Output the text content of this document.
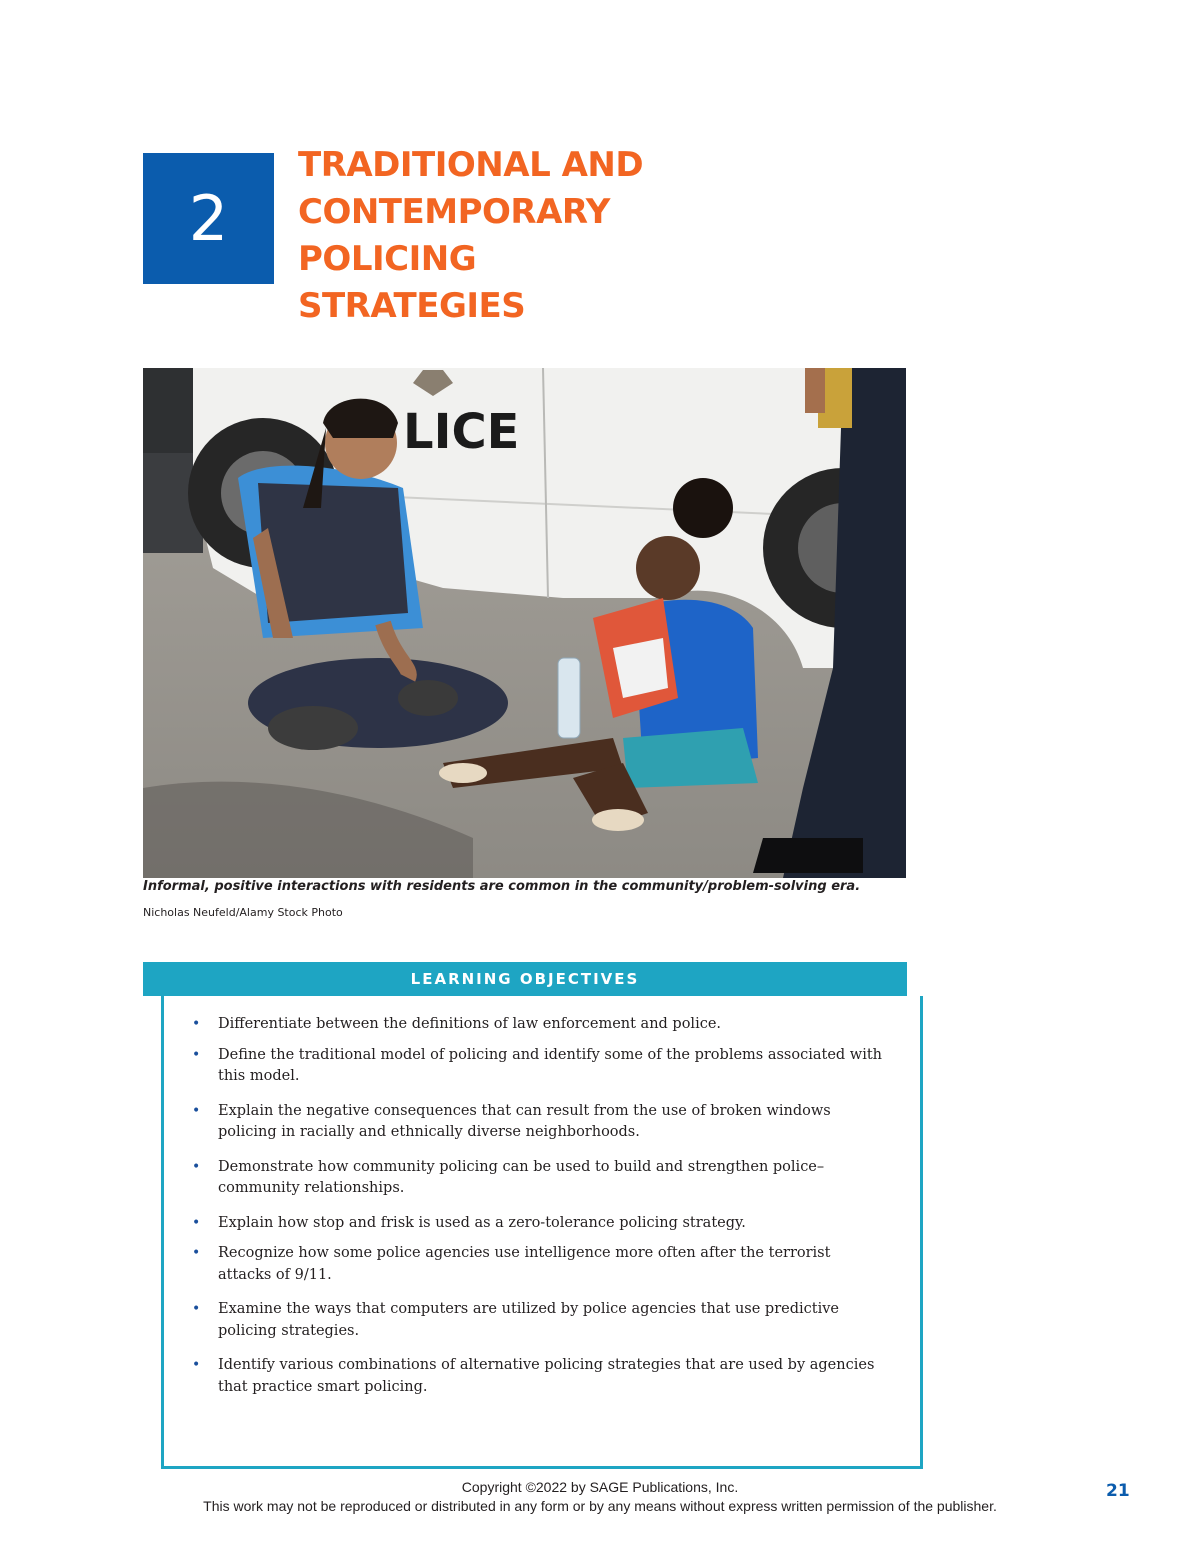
2
TRADITIONAL AND
CONTEMPORARY
POLICING
STRATEGIES
LICE
Informal, positive interactions with residents are common in the community/problem-solving era.
Nicholas Neufeld/Alamy Stock Photo
LEARNING OBJECTIVES
• Differentiate between the definitions of law enforcement and police.
• Define the traditional model of policing and identify some of the problems associated with this model.
• Explain the negative consequences that can result from the use of broken windows policing in racially and ethnically diverse neighborhoods.
• Demonstrate how community policing can be used to build and strengthen police– community relationships.
• Explain how stop and frisk is used as a zero-tolerance policing strategy.
• Recognize how some police agencies use intelligence more often after the terrorist attacks of 9/11.
• Examine the ways that computers are utilized by police agencies that use predictive policing strategies.
• Identify various combinations of alternative policing strategies that are used by agencies that practice smart policing.
Copyright ©2022 by SAGE Publications, Inc.
This work may not be reproduced or distributed in any form or by any means without express written permission of the publisher.
21
